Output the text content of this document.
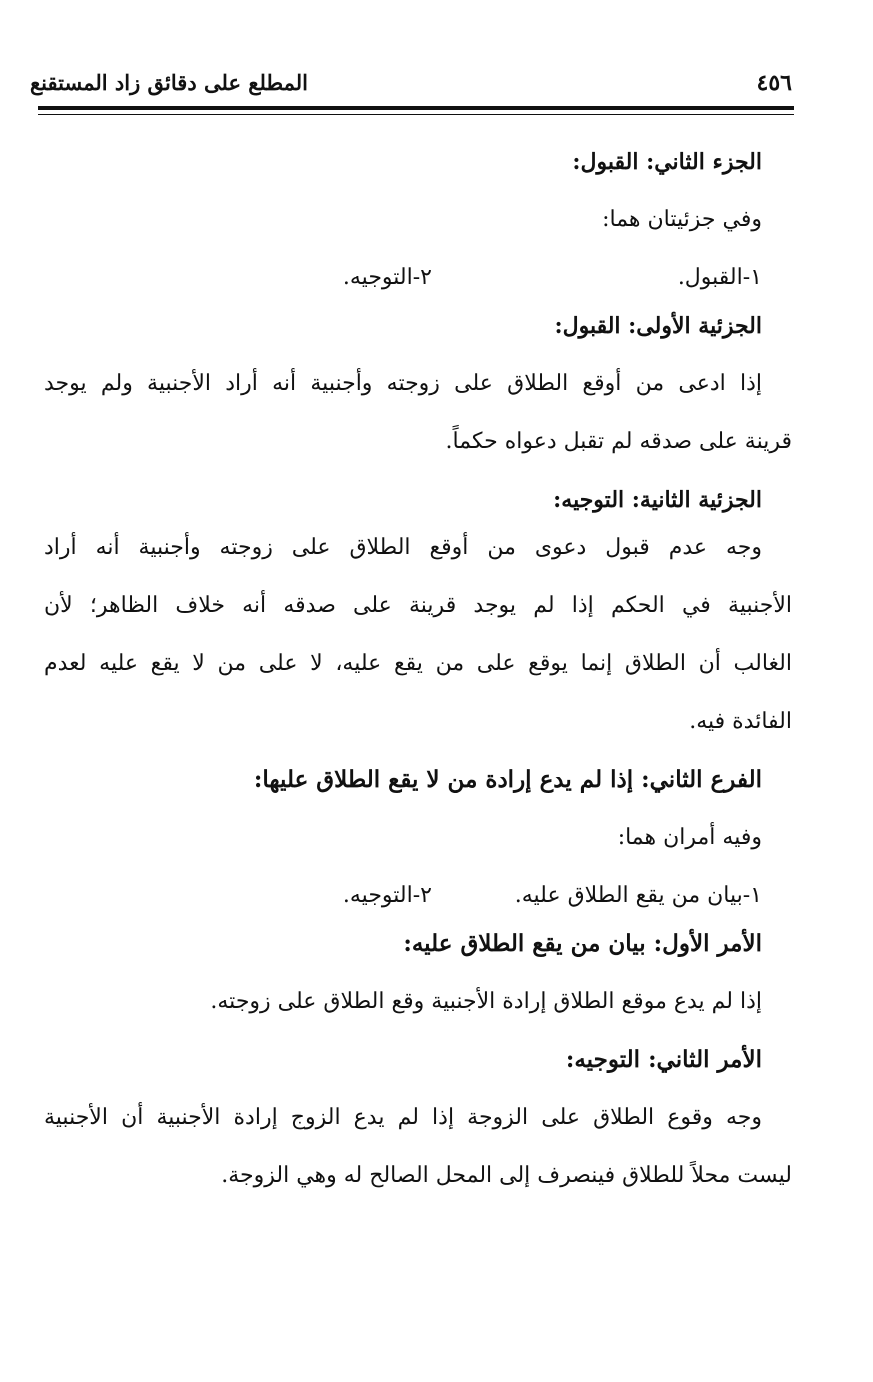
٤٥٦
المطلع على دقائق زاد المستقنع
الجزء الثاني: القبول:
وفي جزئيتان هما:
١-القبول.
٢-التوجيه.
الجزئية الأولى: القبول:
إذا ادعى من أوقع الطلاق على زوجته وأجنبية أنه أراد الأجنبية ولم يوجد
قرينة على صدقه لم تقبل دعواه حكماً.
الجزئية الثانية: التوجيه:
وجه عدم قبول دعوى من أوقع الطلاق على زوجته وأجنبية أنه أراد
الأجنبية في الحكم إذا لم يوجد قرينة على صدقه أنه خلاف الظاهر؛ لأن
الغالب أن الطلاق إنما يوقع على من يقع عليه، لا على من لا يقع عليه لعدم
الفائدة فيه.
الفرع الثاني: إذا لم يدع إرادة من لا يقع الطلاق عليها:
وفيه أمران هما:
١-بيان من يقع الطلاق عليه.
٢-التوجيه.
الأمر الأول: بيان من يقع الطلاق عليه:
إذا لم يدع موقع الطلاق إرادة الأجنبية وقع الطلاق على زوجته.
الأمر الثاني: التوجيه:
وجه وقوع الطلاق على الزوجة إذا لم يدع الزوج إرادة الأجنبية أن الأجنبية
ليست محلاً للطلاق فينصرف إلى المحل الصالح له وهي الزوجة.
